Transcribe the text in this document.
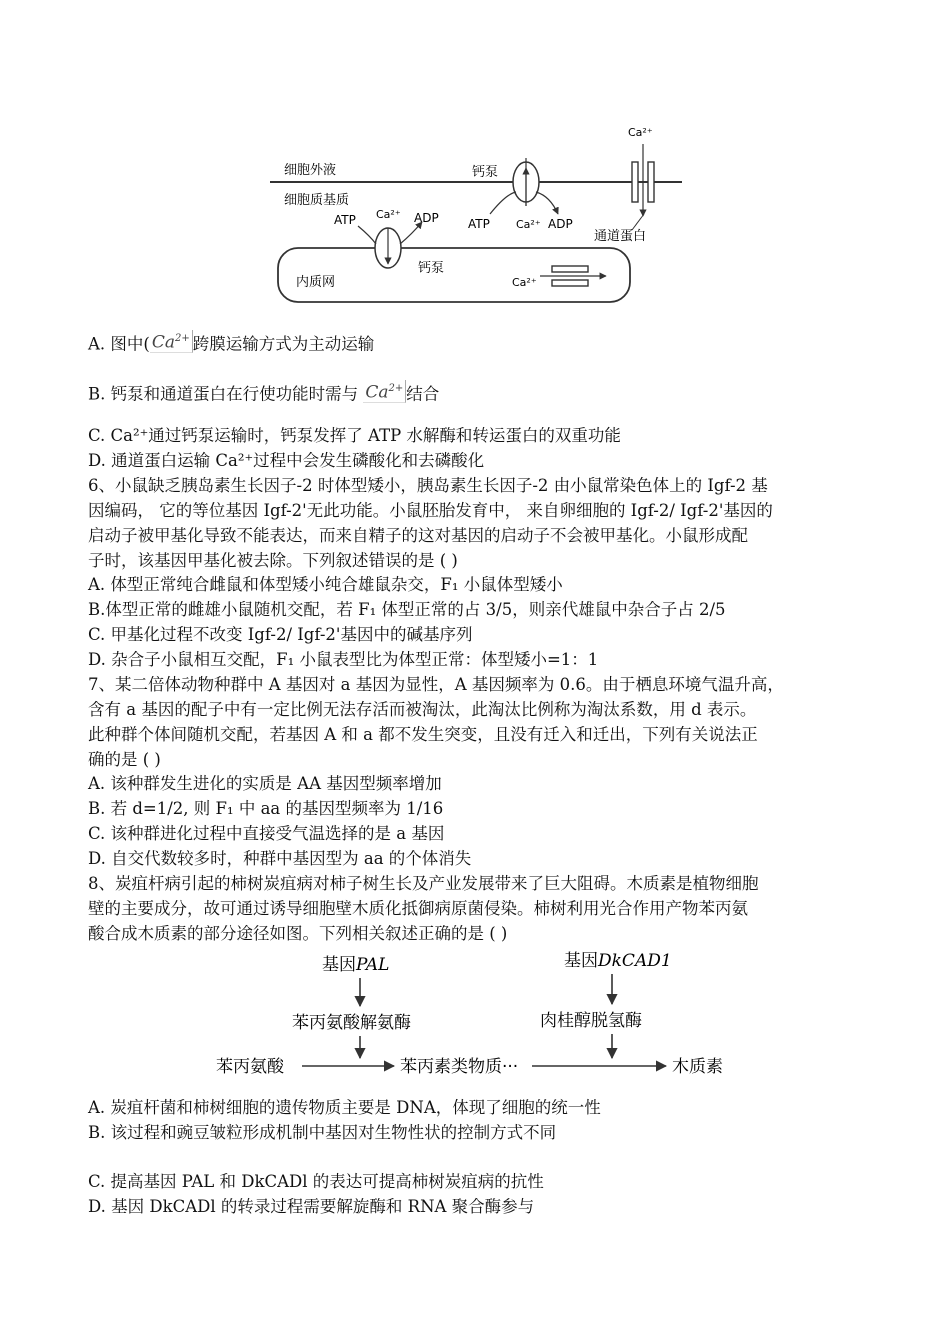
细胞外液
细胞质基质
内质网
钙泵
ATP Ca²⁺ ADP
ATP Ca²⁺ ADP
钙泵
Ca²⁺
通道蛋白
Ca²⁺
A. 图中( $Ca^{2+}$ 跨膜运输方式为主动运输
B. 钙泵和通道蛋白在行使功能时需与 $Ca^{2+}$ 结合
C. Ca²⁺通过钙泵运输时，钙泵发挥了 ATP 水解酶和转运蛋白的双重功能
D. 通道蛋白运输 Ca²⁺过程中会发生磷酸化和去磷酸化
6、小鼠缺乏胰岛素生长因子-2 时体型矮小，胰岛素生长因子-2 由小鼠常染色体上的 Igf-2 基
因编码， 它的等位基因 Igf-2'无此功能。小鼠胚胎发育中， 来自卵细胞的 Igf-2/ Igf-2'基因的
启动子被甲基化导致不能表达，而来自精子的这对基因的启动子不会被甲基化。小鼠形成配
子时，该基因甲基化被去除。下列叙述错误的是 ( )
A. 体型正常纯合雌鼠和体型矮小纯合雄鼠杂交，F₁ 小鼠体型矮小
B.体型正常的雌雄小鼠随机交配，若 F₁ 体型正常的占 3/5，则亲代雄鼠中杂合子占 2/5
C. 甲基化过程不改变 Igf-2/ Igf-2'基因中的碱基序列
D. 杂合子小鼠相互交配，F₁ 小鼠表型比为体型正常：体型矮小=1：1
7、某二倍体动物种群中 A 基因对 a 基因为显性，A 基因频率为 0.6。由于栖息环境气温升高，
含有 a 基因的配子中有一定比例无法存活而被淘汰，此淘汰比例称为淘汰系数，用 d 表示。
此种群个体间随机交配，若基因 A 和 a 都不发生突变，且没有迁入和迁出，下列有关说法正
确的是 ( )
A. 该种群发生进化的实质是 AA 基因型频率增加
B. 若 d=1/2, 则 F₁ 中 aa 的基因型频率为 1/16
C. 该种群进化过程中直接受气温选择的是 a 基因
D. 自交代数较多时，种群中基因型为 aa 的个体消失
8、炭疽杆病引起的柿树炭疽病对柿子树生长及产业发展带来了巨大阻碍。木质素是植物细胞
壁的主要成分，故可通过诱导细胞壁木质化抵御病原菌侵染。柿树利用光合作用产物苯丙氨
酸合成木质素的部分途径如图。下列相关叙述正确的是 ( )
基因PAL	基因DkCAD1
苯丙氨酸解氨酶	肉桂醇脱氢酶
苯丙氨酸	苯丙素类物质···	木质素
A. 炭疽杆菌和柿树细胞的遗传物质主要是 DNA，体现了细胞的统一性
B. 该过程和豌豆皱粒形成机制中基因对生物性状的控制方式不同
C. 提高基因 PAL 和 DkCADl 的表达可提高柿树炭疽病的抗性
D. 基因 DkCADl 的转录过程需要解旋酶和 RNA 聚合酶参与
